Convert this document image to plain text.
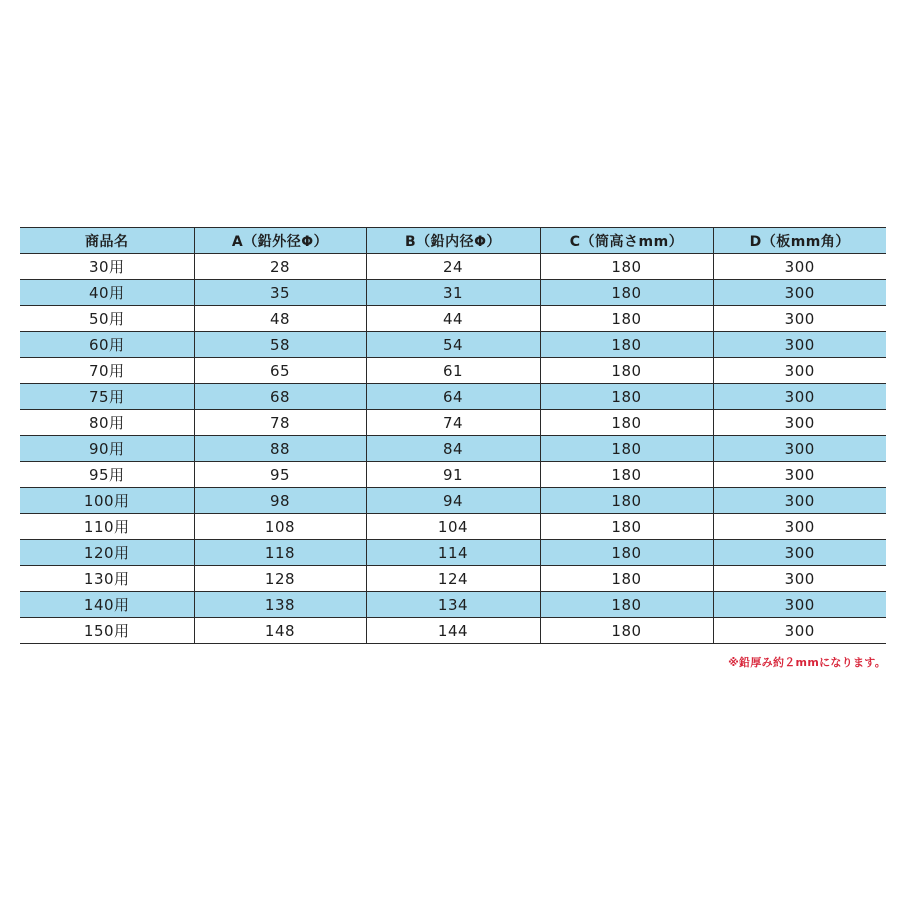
商品名	A（鉛外径Φ）	B（鉛内径Φ）	C（筒高さmm）	D（板mm角）
30用	28	24	180	300
40用	35	31	180	300
50用	48	44	180	300
60用	58	54	180	300
70用	65	61	180	300
75用	68	64	180	300
80用	78	74	180	300
90用	88	84	180	300
95用	95	91	180	300
100用	98	94	180	300
110用	108	104	180	300
120用	118	114	180	300
130用	128	124	180	300
140用	138	134	180	300
150用	148	144	180	300
※鉛厚み約２mmになります。
